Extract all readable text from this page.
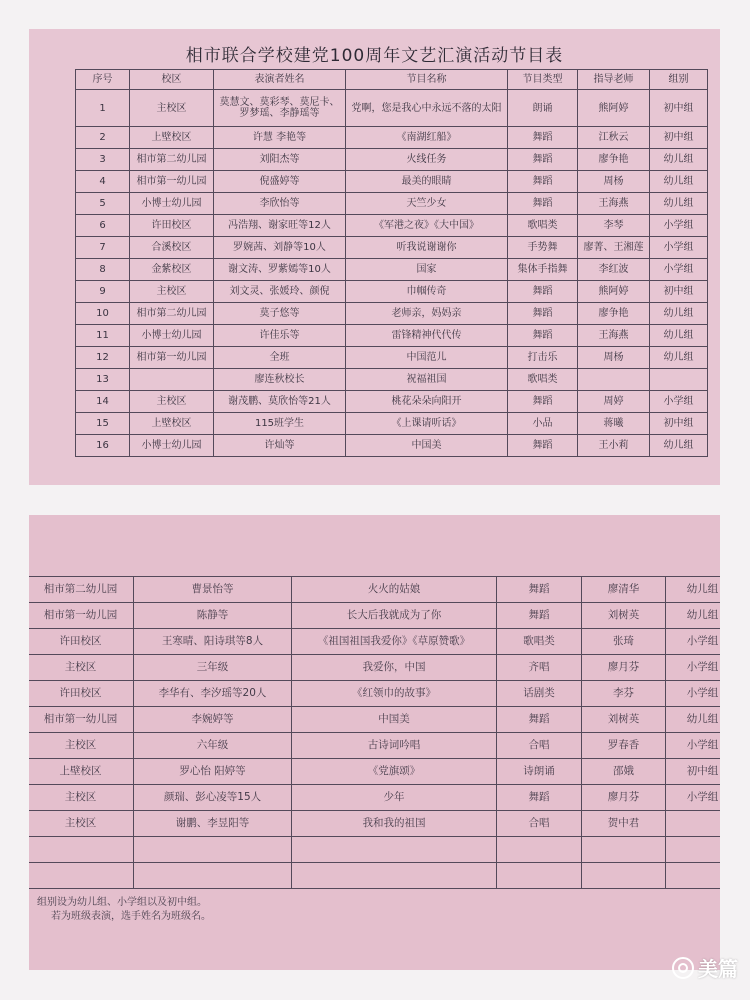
相市联合学校建党100周年文艺汇演活动节目表
序号	校区	表演者姓名	节目名称	节目类型	指导老师	组别
1	主校区	莫慧文、莫彩琴、莫尼卡、罗梦瑶、李静瑶等	党啊，您是我心中永远不落的太阳	朗诵	熊阿婷	初中组
2	上壁校区	许慧 李艳等	《南湖红船》	舞蹈	江秋云	初中组
3	相市第二幼儿园	刘阳杰等	火线任务	舞蹈	廖争艳	幼儿组
4	相市第一幼儿园	倪盛婷等	最美的眼睛	舞蹈	周杨	幼儿组
5	小博士幼儿园	李欣怡等	天竺少女	舞蹈	王海燕	幼儿组
6	许田校区	冯浩翔、谢家旺等12人	《军港之夜》《大中国》	歌唱类	李琴	小学组
7	合溪校区	罗婉茜、刘静等10人	听我说谢谢你	手势舞	廖菁、王湘莲	小学组
8	金紫校区	谢文涛、罗紫嫣等10人	国家	集体手指舞	李红波	小学组
9	主校区	刘文灵、张媛玲、颜倪	巾帼传奇	舞蹈	熊阿婷	初中组
10	相市第二幼儿园	莫子悠等	老师亲，妈妈亲	舞蹈	廖争艳	幼儿组
11	小博士幼儿园	许佳乐等	雷锋精神代代传	舞蹈	王海燕	幼儿组
12	相市第一幼儿园	全班	中国范儿	打击乐	周杨	幼儿组
13		廖连秋校长	祝福祖国	歌唱类		
14	主校区	谢茂鹏、莫欣怡等21人	桃花朵朵向阳开	舞蹈	周婷	小学组
15	上壁校区	115班学生	《上课请听话》	小品	蒋曦	初中组
16	小博士幼儿园	许灿等	中国美	舞蹈	王小莉	幼儿组
相市第二幼儿园	曹景怡等	火火的姑娘	舞蹈	廖清华	幼儿组
相市第一幼儿园	陈静等	长大后我就成为了你	舞蹈	刘树英	幼儿组
许田校区	王寒晴、阳诗琪等8人	《祖国祖国我爱你》《草原赞歌》	歌唱类	张琦	小学组
主校区	三年级	我爱你，中国	齐唱	廖月芬	小学组
许田校区	李华有、李汐瑶等20人	《红领巾的故事》	话剧类	李芬	小学组
相市第一幼儿园	李婉婷等	中国美	舞蹈	刘树英	幼儿组
主校区	六年级	古诗词吟唱	合唱	罗春香	小学组
上壁校区	罗心怡 阳婷等	《党旗颂》	诗朗诵	邵娥	初中组
主校区	颜瑞、彭心凌等15人	少年	舞蹈	廖月芬	小学组
主校区	谢鹏、李昱阳等	我和我的祖国	合唱	贺中君	

组别设为幼儿组、小学组以及初中组。
若为班级表演，选手姓名为班级名。
美篇
